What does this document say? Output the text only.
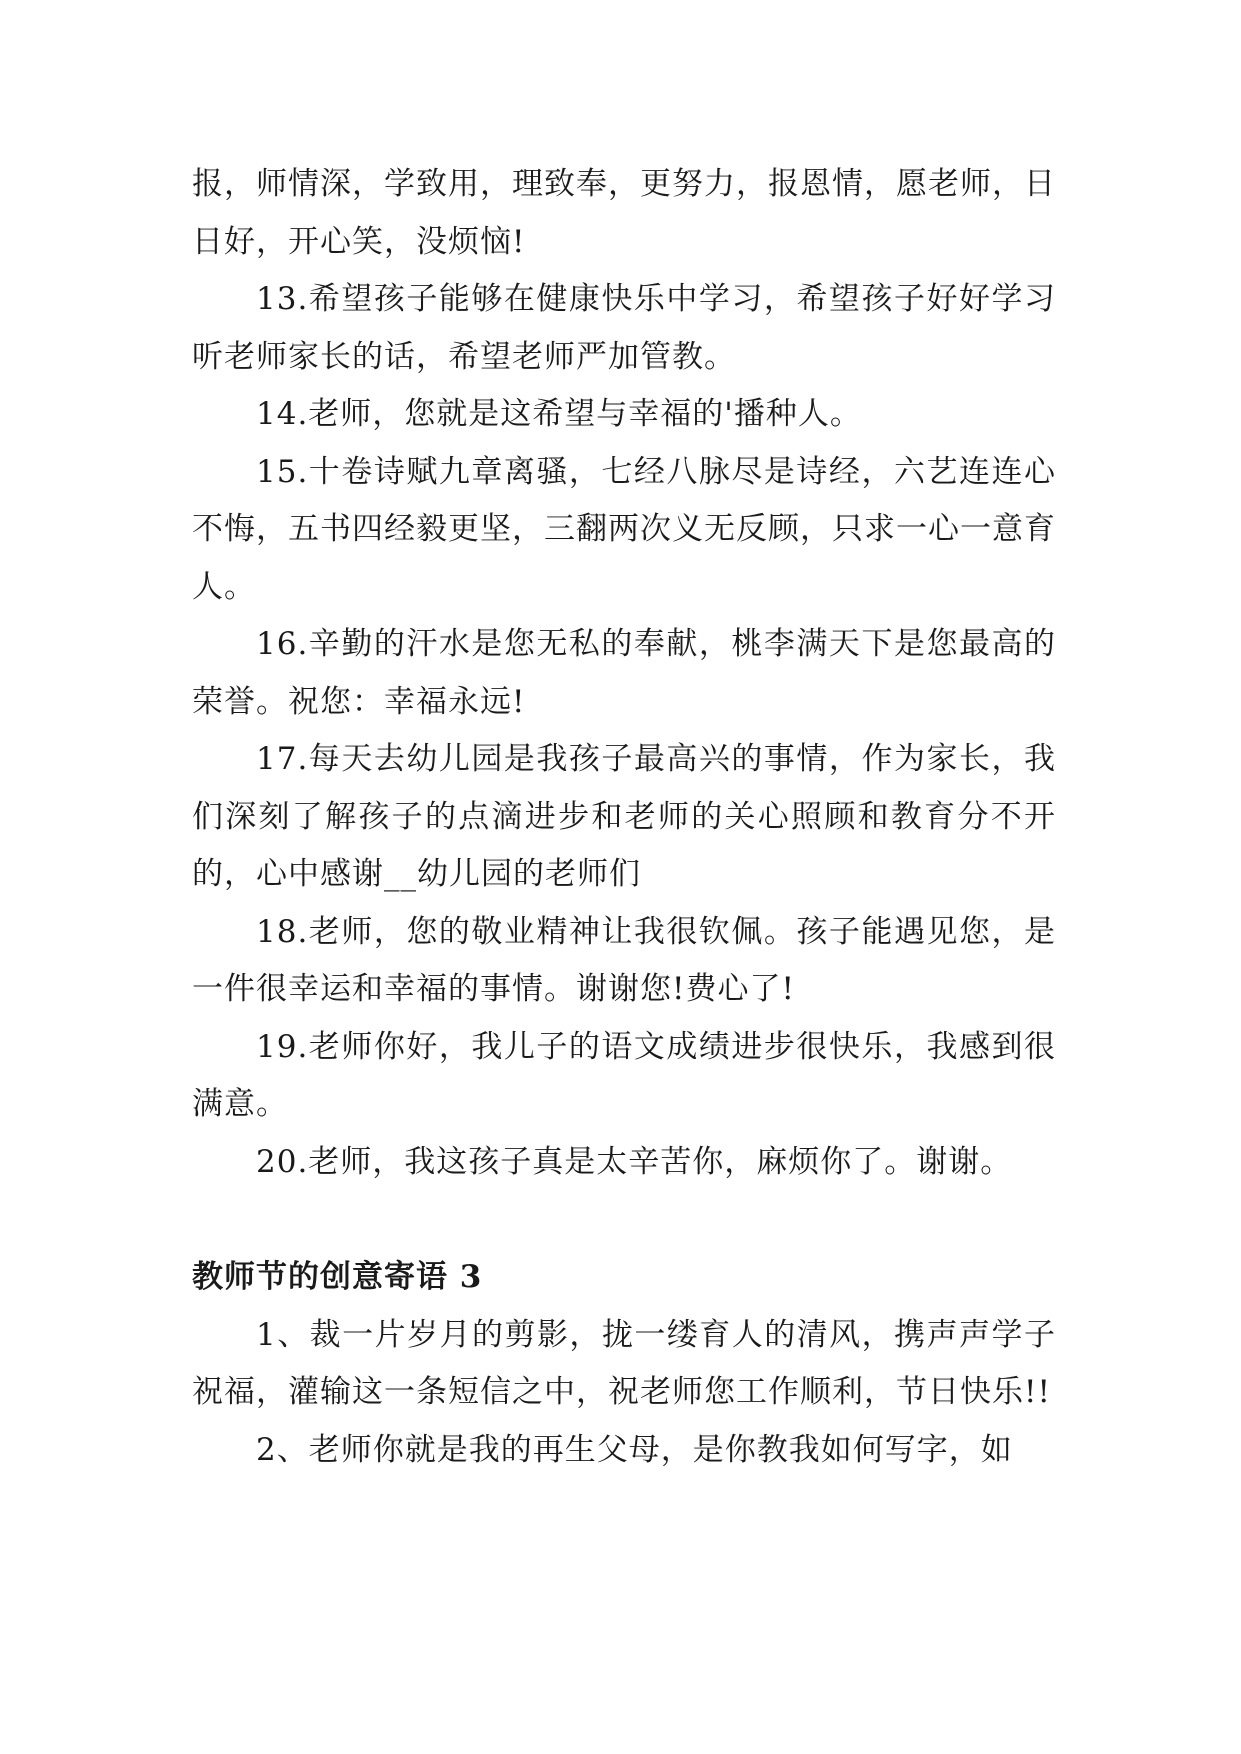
报，师情深，学致用，理致奉，更努力，报恩情，愿老师，日日好，开心笑，没烦恼!

13.希望孩子能够在健康快乐中学习，希望孩子好好学习听老师家长的话，希望老师严加管教。

14.老师，您就是这希望与幸福的'播种人。

15.十卷诗赋九章离骚，七经八脉尽是诗经，六艺连连心不悔，五书四经毅更坚，三翻两次义无反顾，只求一心一意育人。

16.辛勤的汗水是您无私的奉献，桃李满天下是您最高的荣誉。祝您：幸福永远!

17.每天去幼儿园是我孩子最高兴的事情，作为家长，我们深刻了解孩子的点滴进步和老师的关心照顾和教育分不开的，心中感谢__幼儿园的老师们

18.老师，您的敬业精神让我很钦佩。孩子能遇见您，是一件很幸运和幸福的事情。谢谢您!费心了!

19.老师你好，我儿子的语文成绩进步很快乐，我感到很满意。

20.老师，我这孩子真是太辛苦你，麻烦你了。谢谢。

教师节的创意寄语 3

1、裁一片岁月的剪影，拢一缕育人的清风，携声声学子祝福，灌输这一条短信之中，祝老师您工作顺利，节日快乐!!

2、老师你就是我的再生父母，是你教我如何写字，如
